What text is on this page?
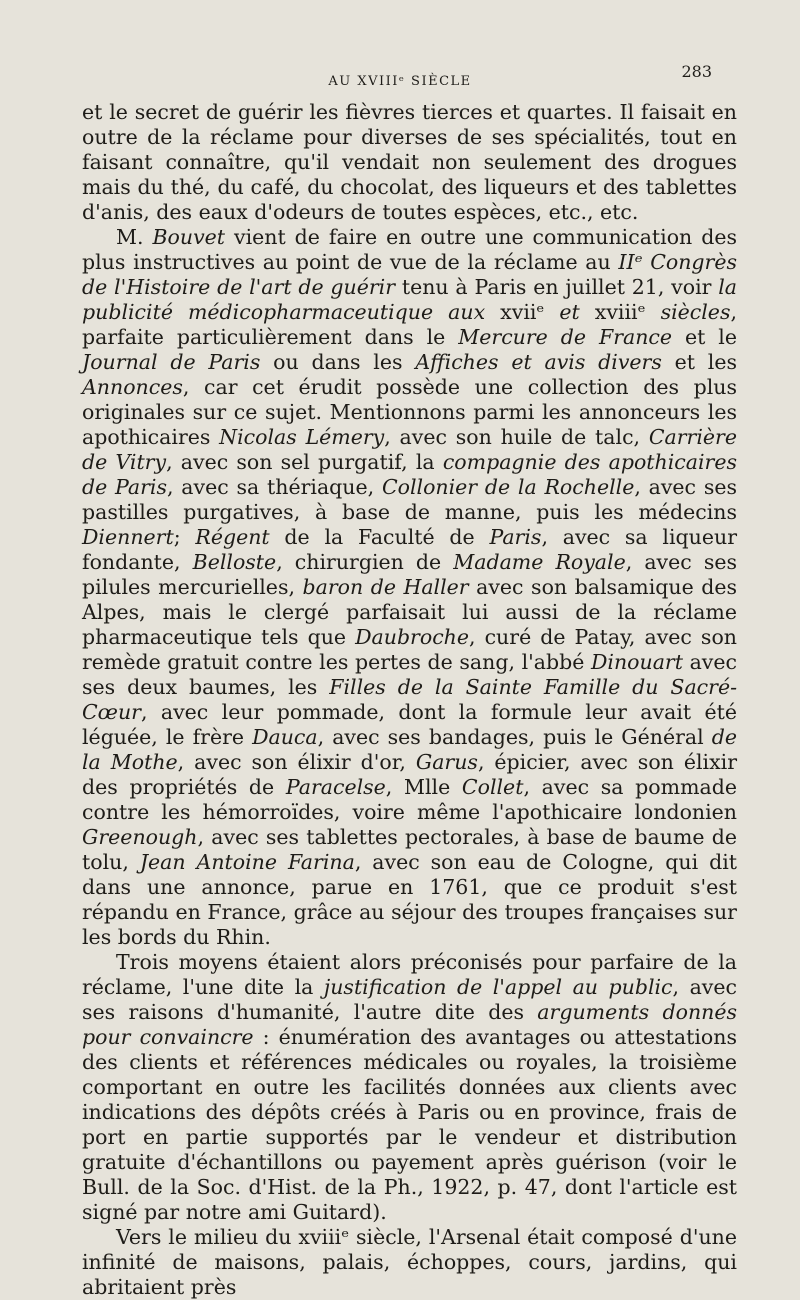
AU XVIIIᵉ SIÈCLE
283

et le secret de guérir les fièvres tierces et quartes. Il faisait en outre de la réclame pour diverses de ses spécialités, tout en faisant connaître, qu'il vendait non seulement des drogues mais du thé, du café, du chocolat, des liqueurs et des tablettes d'anis, des eaux d'odeurs de toutes espèces, etc., etc.

M. Bouvet vient de faire en outre une communication des plus instructives au point de vue de la réclame au IIᵉ Congrès de l'Histoire de l'art de guérir tenu à Paris en juillet 21, voir la publicité médicopharmaceutique aux xviiᵉ et xviiiᵉ siècles, parfaite particulièrement dans le Mercure de France et le Journal de Paris ou dans les Affiches et avis divers et les Annonces, car cet érudit possède une collection des plus originales sur ce sujet. Mentionnons parmi les annonceurs les apothicaires Nicolas Lémery, avec son huile de talc, Carrière de Vitry, avec son sel purgatif, la compagnie des apothicaires de Paris, avec sa thériaque, Collonier de la Rochelle, avec ses pastilles purgatives, à base de manne, puis les médecins Diennert; Régent de la Faculté de Paris, avec sa liqueur fondante, Belloste, chirurgien de Madame Royale, avec ses pilules mercurielles, baron de Haller avec son balsamique des Alpes, mais le clergé parfaisait lui aussi de la réclame pharmaceutique tels que Daubroche, curé de Patay, avec son remède gratuit contre les pertes de sang, l'abbé Dinouart avec ses deux baumes, les Filles de la Sainte Famille du Sacré-Cœur, avec leur pommade, dont la formule leur avait été léguée, le frère Dauca, avec ses bandages, puis le Général de la Mothe, avec son élixir d'or, Garus, épicier, avec son élixir des propriétés de Paracelse, Mlle Collet, avec sa pommade contre les hémorroïdes, voire même l'apothicaire londonien Greenough, avec ses tablettes pectorales, à base de baume de tolu, Jean Antoine Farina, avec son eau de Cologne, qui dit dans une annonce, parue en 1761, que ce produit s'est répandu en France, grâce au séjour des troupes françaises sur les bords du Rhin.

Trois moyens étaient alors préconisés pour parfaire de la réclame, l'une dite la justification de l'appel au public, avec ses raisons d'humanité, l'autre dite des arguments donnés pour convaincre : énumération des avantages ou attestations des clients et références médicales ou royales, la troisième comportant en outre les facilités données aux clients avec indications des dépôts créés à Paris ou en province, frais de port en partie supportés par le vendeur et distribution gratuite d'échantillons ou payement après guérison (voir le Bull. de la Soc. d'Hist. de la Ph., 1922, p. 47, dont l'article est signé par notre ami Guitard).

Vers le milieu du xviiiᵉ siècle, l'Arsenal était composé d'une infinité de maisons, palais, échoppes, cours, jardins, qui abritaient près
